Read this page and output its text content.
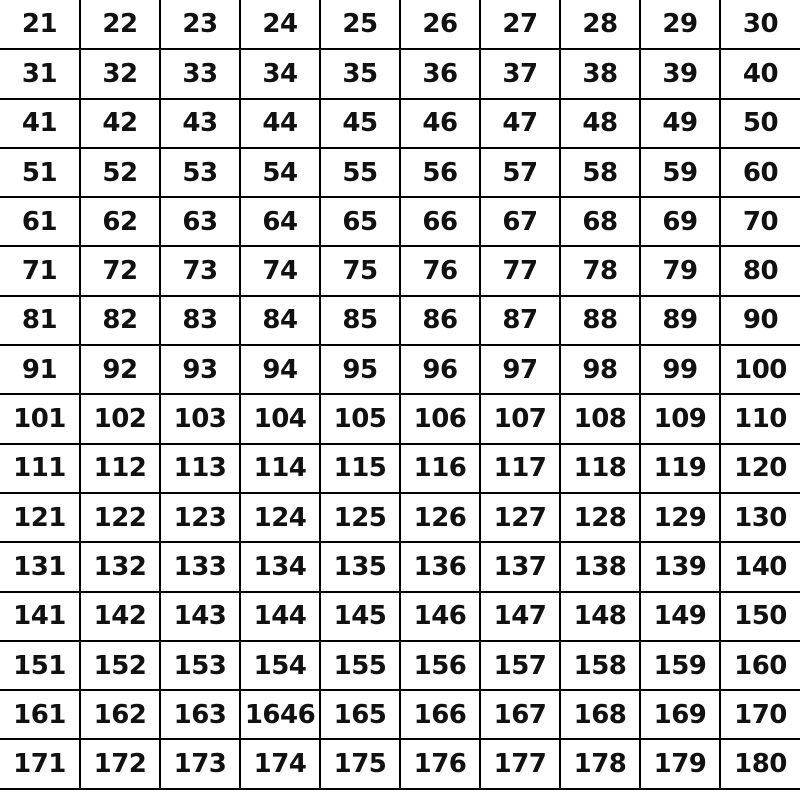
21	22	23	24	25	26	27	28	29	30
31	32	33	34	35	36	37	38	39	40
41	42	43	44	45	46	47	48	49	50
51	52	53	54	55	56	57	58	59	60
61	62	63	64	65	66	67	68	69	70
71	72	73	74	75	76	77	78	79	80
81	82	83	84	85	86	87	88	89	90
91	92	93	94	95	96	97	98	99	100
101	102	103	104	105	106	107	108	109	110
111	112	113	114	115	116	117	118	119	120
121	122	123	124	125	126	127	128	129	130
131	132	133	134	135	136	137	138	139	140
141	142	143	144	145	146	147	148	149	150
151	152	153	154	155	156	157	158	159	160
161	162	163	1646	165	166	167	168	169	170
171	172	173	174	175	176	177	178	179	180
